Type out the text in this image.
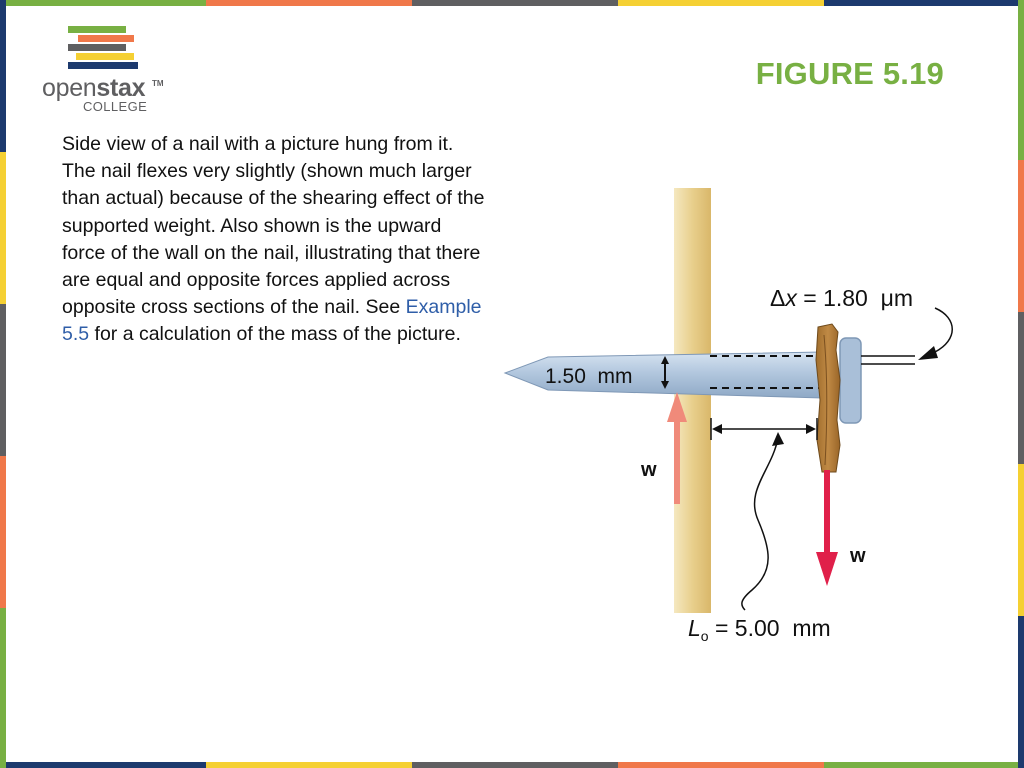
openstax TM
COLLEGE
FIGURE 5.19
Side view of a nail with a picture hung from it. The nail flexes very slightly (shown much larger than actual) because of the shearing effect of the supported weight. Also shown is the upward force of the wall on the nail, illustrating that there are equal and opposite forces applied across opposite cross sections of the nail. See Example 5.5 for a calculation of the mass of the picture.
1.50  mm
w
w
Δx = 1.80  μm
$L_o = 5.00$  mm
